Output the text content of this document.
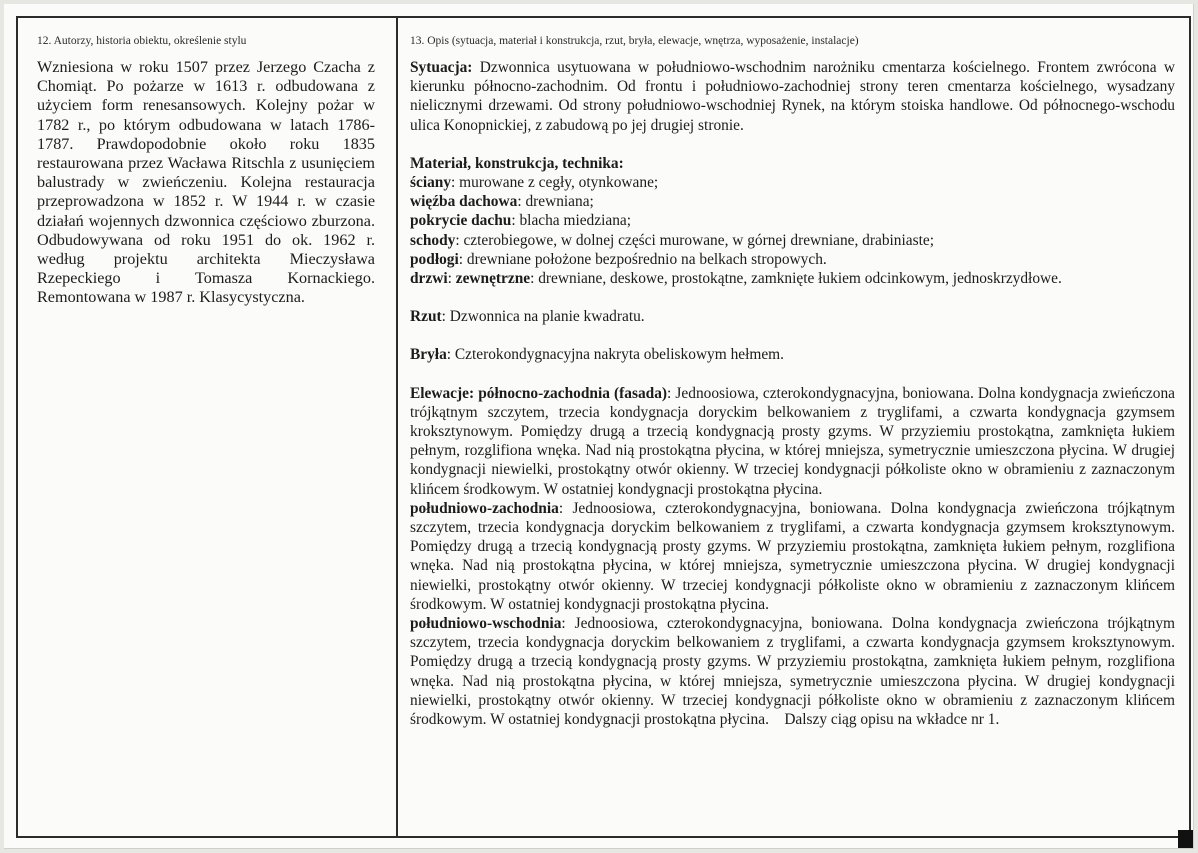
12. Autorzy, historia obiektu, określenie stylu

Wzniesiona w roku 1507 przez Jerzego Czacha z Chomiąt. Po pożarze w 1613 r. odbudowana z użyciem form renesansowych. Kolejny pożar w 1782 r., po którym odbudowana w latach 1786-1787. Prawdopodobnie około roku 1835 restaurowana przez Wacława Ritschla z usunięciem balustrady w zwieńczeniu. Kolejna restauracja przeprowadzona w 1852 r. W 1944 r. w czasie działań wojennych dzwonnica częściowo zburzona. Odbudowywana od roku 1951 do ok. 1962 r. według projektu architekta Mieczysława Rzepeckiego i Tomasza Kornackiego. Remontowana w 1987 r. Klasycystyczna.

13. Opis (sytuacja, materiał i konstrukcja, rzut, bryła, elewacje, wnętrza, wyposażenie, instalacje)

Sytuacja: Dzwonnica usytuowana w południowo-wschodnim narożniku cmentarza kościelnego. Frontem zwrócona w kierunku północno-zachodnim. Od frontu i południowo-zachodniej strony teren cmentarza kościelnego, wysadzany nielicznymi drzewami. Od strony południowo-wschodniej Rynek, na którym stoiska handlowe. Od północnego-wschodu ulica Konopnickiej, z zabudową po jej drugiej stronie.

Materiał, konstrukcja, technika:

ściany: murowane z cegły, otynkowane;

więźba dachowa: drewniana;

pokrycie dachu: blacha miedziana;

schody: czterobiegowe, w dolnej części murowane, w górnej drewniane, drabiniaste;

podłogi: drewniane położone bezpośrednio na belkach stropowych.

drzwi: zewnętrzne: drewniane, deskowe, prostokątne, zamknięte łukiem odcinkowym, jednoskrzydłowe.

Rzut: Dzwonnica na planie kwadratu.

Bryła: Czterokondygnacyjna nakryta obeliskowym hełmem.

Elewacje: północno-zachodnia (fasada): Jednoosiowa, czterokondygnacyjna, boniowana. Dolna kondygnacja zwieńczona trójkątnym szczytem, trzecia kondygnacja doryckim belkowaniem z tryglifami, a czwarta kondygnacja gzymsem kroksztynowym. Pomiędzy drugą a trzecią kondygnacją prosty gzyms. W przyziemiu prostokątna, zamknięta łukiem pełnym, rozglifiona wnęka. Nad nią prostokątna płycina, w której mniejsza, symetrycznie umieszczona płycina. W drugiej kondygnacji niewielki, prostokątny otwór okienny. W trzeciej kondygnacji półkoliste okno w obramieniu z zaznaczonym klińcem środkowym. W ostatniej kondygnacji prostokątna płycina.

południowo-zachodnia: Jednoosiowa, czterokondygnacyjna, boniowana. Dolna kondygnacja zwieńczona trójkątnym szczytem, trzecia kondygnacja doryckim belkowaniem z tryglifami, a czwarta kondygnacja gzymsem kroksztynowym. Pomiędzy drugą a trzecią kondygnacją prosty gzyms. W przyziemiu prostokątna, zamknięta łukiem pełnym, rozglifiona wnęka. Nad nią prostokątna płycina, w której mniejsza, symetrycznie umieszczona płycina. W drugiej kondygnacji niewielki, prostokątny otwór okienny. W trzeciej kondygnacji półkoliste okno w obramieniu z zaznaczonym klińcem środkowym. W ostatniej kondygnacji prostokątna płycina.

południowo-wschodnia: Jednoosiowa, czterokondygnacyjna, boniowana. Dolna kondygnacja zwieńczona trójkątnym szczytem, trzecia kondygnacja doryckim belkowaniem z tryglifami, a czwarta kondygnacja gzymsem kroksztynowym. Pomiędzy drugą a trzecią kondygnacją prosty gzyms. W przyziemiu prostokątna, zamknięta łukiem pełnym, rozglifiona wnęka. Nad nią prostokątna płycina, w której mniejsza, symetrycznie umieszczona płycina. W drugiej kondygnacji niewielki, prostokątny otwór okienny. W trzeciej kondygnacji półkoliste okno w obramieniu z zaznaczonym klińcem środkowym. W ostatniej kondygnacji prostokątna płycina. Dalszy ciąg opisu na wkładce nr 1.
